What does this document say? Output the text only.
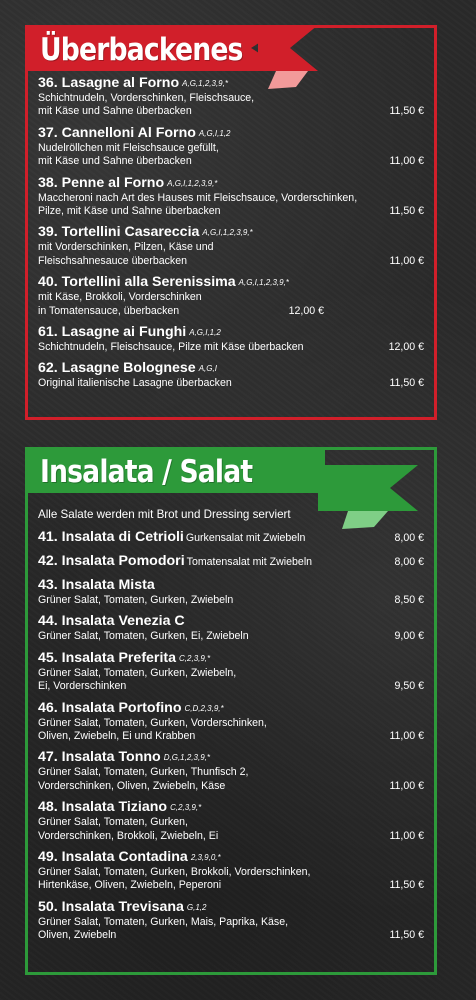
Überbackenes
36. Lasagne al Forno A,G,1,2,3,9,*
Schichtnudeln, Vorderschinken, Fleischsauce,
mit Käse und Sahne überbacken	11,50 €
37. Cannelloni Al Forno A,G,I,1,2
Nudelröllchen mit Fleischsauce gefüllt,
mit Käse und Sahne überbacken	11,00 €
38. Penne al Forno A,G,I,1,2,3,9,*
Maccheroni nach Art des Hauses mit Fleischsauce, Vorderschinken,
Pilze, mit Käse und Sahne überbacken	11,50 €
39. Tortellini Casareccia A,G,I,1,2,3,9,*
mit Vorderschinken, Pilzen, Käse und
Fleischsahnesauce überbacken	11,00 €
40. Tortellini alla Serenissima A,G,I,1,2,3,9,*
mit Käse, Brokkoli, Vorderschinken
in Tomatensauce, überbacken	12,00 €
61. Lasagne ai Funghi A,G,I,1,2
Schichtnudeln, Fleischsauce, Pilze mit Käse überbacken	12,00 €
62. Lasagne Bolognese A,G,I
Original italienische Lasagne überbacken	11,50 €
Insalata / Salat
Alle Salate werden mit Brot und Dressing serviert
41. Insalata di Cetrioli Gurkensalat mit Zwiebeln	8,00 €
42. Insalata Pomodori Tomatensalat mit Zwiebeln	8,00 €
43. Insalata Mista
Grüner Salat, Tomaten, Gurken, Zwiebeln	8,50 €
44. Insalata Venezia C
Grüner Salat, Tomaten, Gurken, Ei, Zwiebeln	9,00 €
45. Insalata Preferita C,2,3,9,*
Grüner Salat, Tomaten, Gurken, Zwiebeln,
Ei, Vorderschinken	9,50 €
46. Insalata Portofino C,D,2,3,9,*
Grüner Salat, Tomaten, Gurken, Vorderschinken,
Oliven, Zwiebeln, Ei und Krabben	11,00 €
47. Insalata Tonno D,G,1,2,3,9,*
Grüner Salat, Tomaten, Gurken, Thunfisch 2,
Vorderschinken, Oliven, Zwiebeln, Käse	11,00 €
48. Insalata Tiziano C,2,3,9,*
Grüner Salat, Tomaten, Gurken,
Vorderschinken, Brokkoli, Zwiebeln, Ei	11,00 €
49. Insalata Contadina 2,3,9,0,*
Grüner Salat, Tomaten, Gurken, Brokkoli, Vorderschinken,
Hirtenkäse, Oliven, Zwiebeln, Peperoni	11,50 €
50. Insalata Trevisana G,1,2
Grüner Salat, Tomaten, Gurken, Mais, Paprika, Käse,
Oliven, Zwiebeln	11,50 €
